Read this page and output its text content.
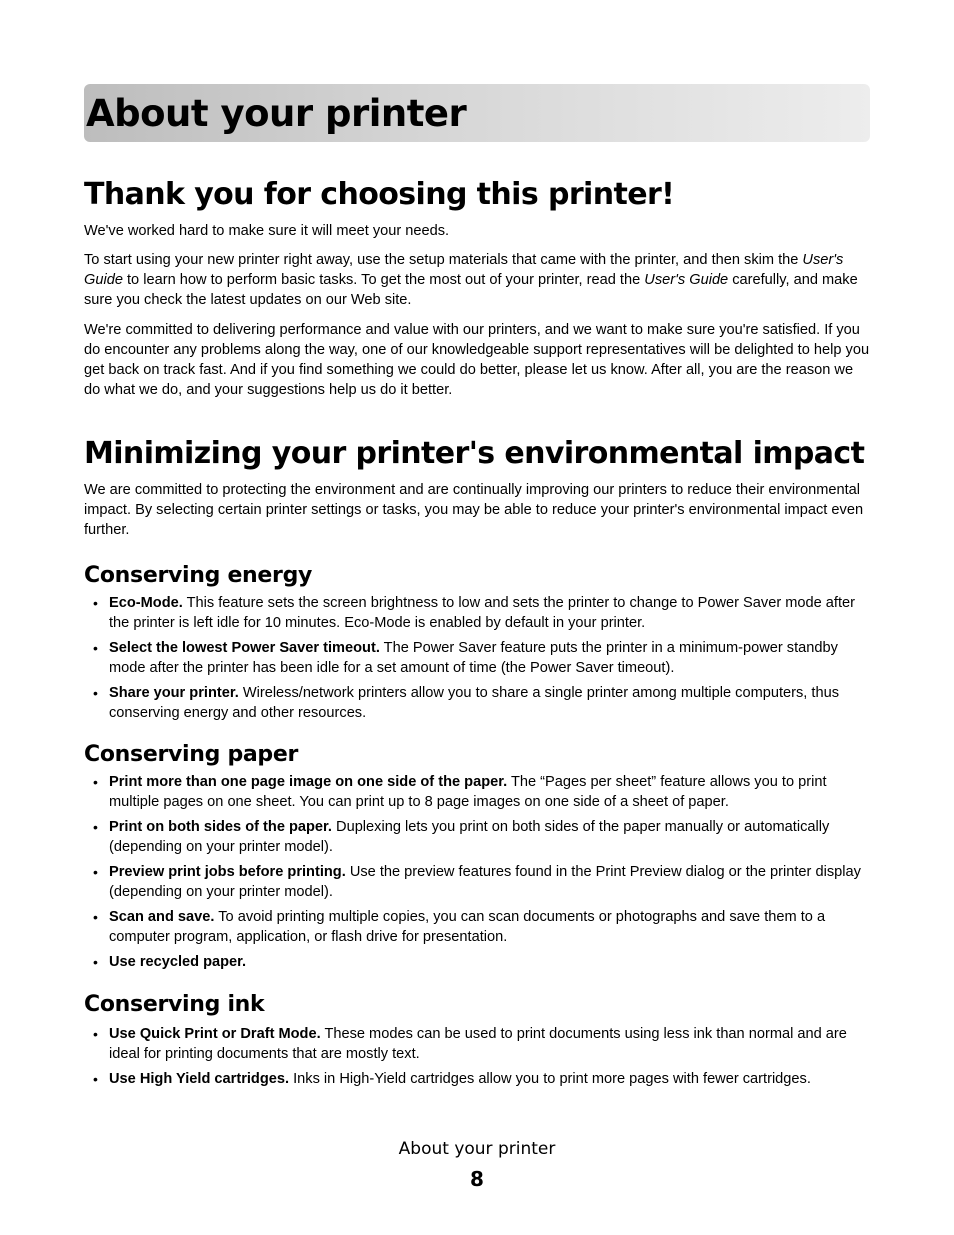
About your printer
Thank you for choosing this printer!

We've worked hard to make sure it will meet your needs.

To start using your new printer right away, use the setup materials that came with the printer, and then skim the User's Guide to learn how to perform basic tasks. To get the most out of your printer, read the User's Guide carefully, and make sure you check the latest updates on our Web site.

We're committed to delivering performance and value with our printers, and we want to make sure you're satisfied. If you do encounter any problems along the way, one of our knowledgeable support representatives will be delighted to help you get back on track fast. And if you find something we could do better, please let us know. After all, you are the reason we do what we do, and your suggestions help us do it better.

Minimizing your printer's environmental impact

We are committed to protecting the environment and are continually improving our printers to reduce their environmental impact. By selecting certain printer settings or tasks, you may be able to reduce your printer's environmental impact even further.

Conserving energy
• Eco-Mode. This feature sets the screen brightness to low and sets the printer to change to Power Saver mode after the printer is left idle for 10 minutes. Eco-Mode is enabled by default in your printer.
• Select the lowest Power Saver timeout. The Power Saver feature puts the printer in a minimum-power standby mode after the printer has been idle for a set amount of time (the Power Saver timeout).
• Share your printer. Wireless/network printers allow you to share a single printer among multiple computers, thus conserving energy and other resources.
Conserving paper
• Print more than one page image on one side of the paper. The “Pages per sheet” feature allows you to print multiple pages on one sheet. You can print up to 8 page images on one side of a sheet of paper.
• Print on both sides of the paper. Duplexing lets you print on both sides of the paper manually or automatically (depending on your printer model).
• Preview print jobs before printing. Use the preview features found in the Print Preview dialog or the printer display (depending on your printer model).
• Scan and save. To avoid printing multiple copies, you can scan documents or photographs and save them to a computer program, application, or flash drive for presentation.
• Use recycled paper.
Conserving ink
• Use Quick Print or Draft Mode. These modes can be used to print documents using less ink than normal and are ideal for printing documents that are mostly text.
• Use High Yield cartridges. Inks in High-Yield cartridges allow you to print more pages with fewer cartridges.
About your printer
8
